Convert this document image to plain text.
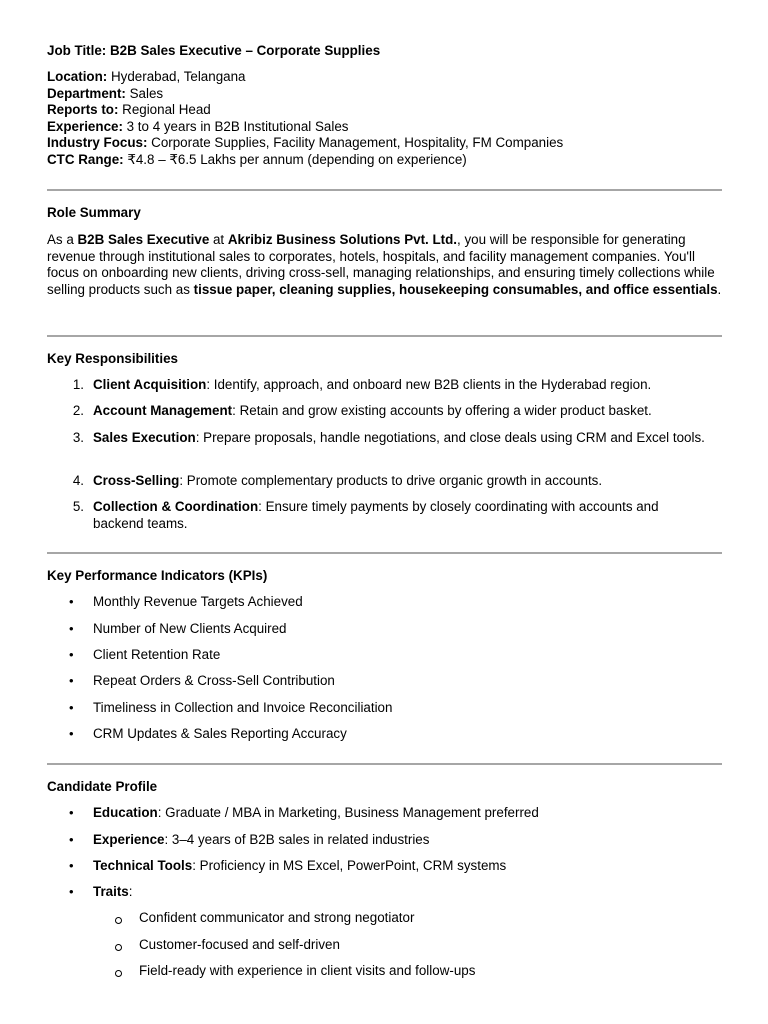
Job Title: B2B Sales Executive – Corporate Supplies
Location: Hyderabad, Telangana
Department: Sales
Reports to: Regional Head
Experience: 3 to 4 years in B2B Institutional Sales
Industry Focus: Corporate Supplies, Facility Management, Hospitality, FM Companies
CTC Range: ₹4.8 – ₹6.5 Lakhs per annum (depending on experience)
Role Summary
As a B2B Sales Executive at Akribiz Business Solutions Pvt. Ltd., you will be responsible for generating revenue through institutional sales to corporates, hotels, hospitals, and facility management companies. You'll focus on onboarding new clients, driving cross-sell, managing relationships, and ensuring timely collections while selling products such as tissue paper, cleaning supplies, housekeeping consumables, and office essentials.
Key Responsibilities
1. Client Acquisition: Identify, approach, and onboard new B2B clients in the Hyderabad region.
2. Account Management: Retain and grow existing accounts by offering a wider product basket.
3. Sales Execution: Prepare proposals, handle negotiations, and close deals using CRM and Excel tools.
4. Cross-Selling: Promote complementary products to drive organic growth in accounts.
5. Collection & Coordination: Ensure timely payments by closely coordinating with accounts and backend teams.
Key Performance Indicators (KPIs)
• Monthly Revenue Targets Achieved
• Number of New Clients Acquired
• Client Retention Rate
• Repeat Orders & Cross-Sell Contribution
• Timeliness in Collection and Invoice Reconciliation
• CRM Updates & Sales Reporting Accuracy
Candidate Profile
• Education: Graduate / MBA in Marketing, Business Management preferred
• Experience: 3–4 years of B2B sales in related industries
• Technical Tools: Proficiency in MS Excel, PowerPoint, CRM systems
• Traits:
Confident communicator and strong negotiator
Customer-focused and self-driven
Field-ready with experience in client visits and follow-ups
